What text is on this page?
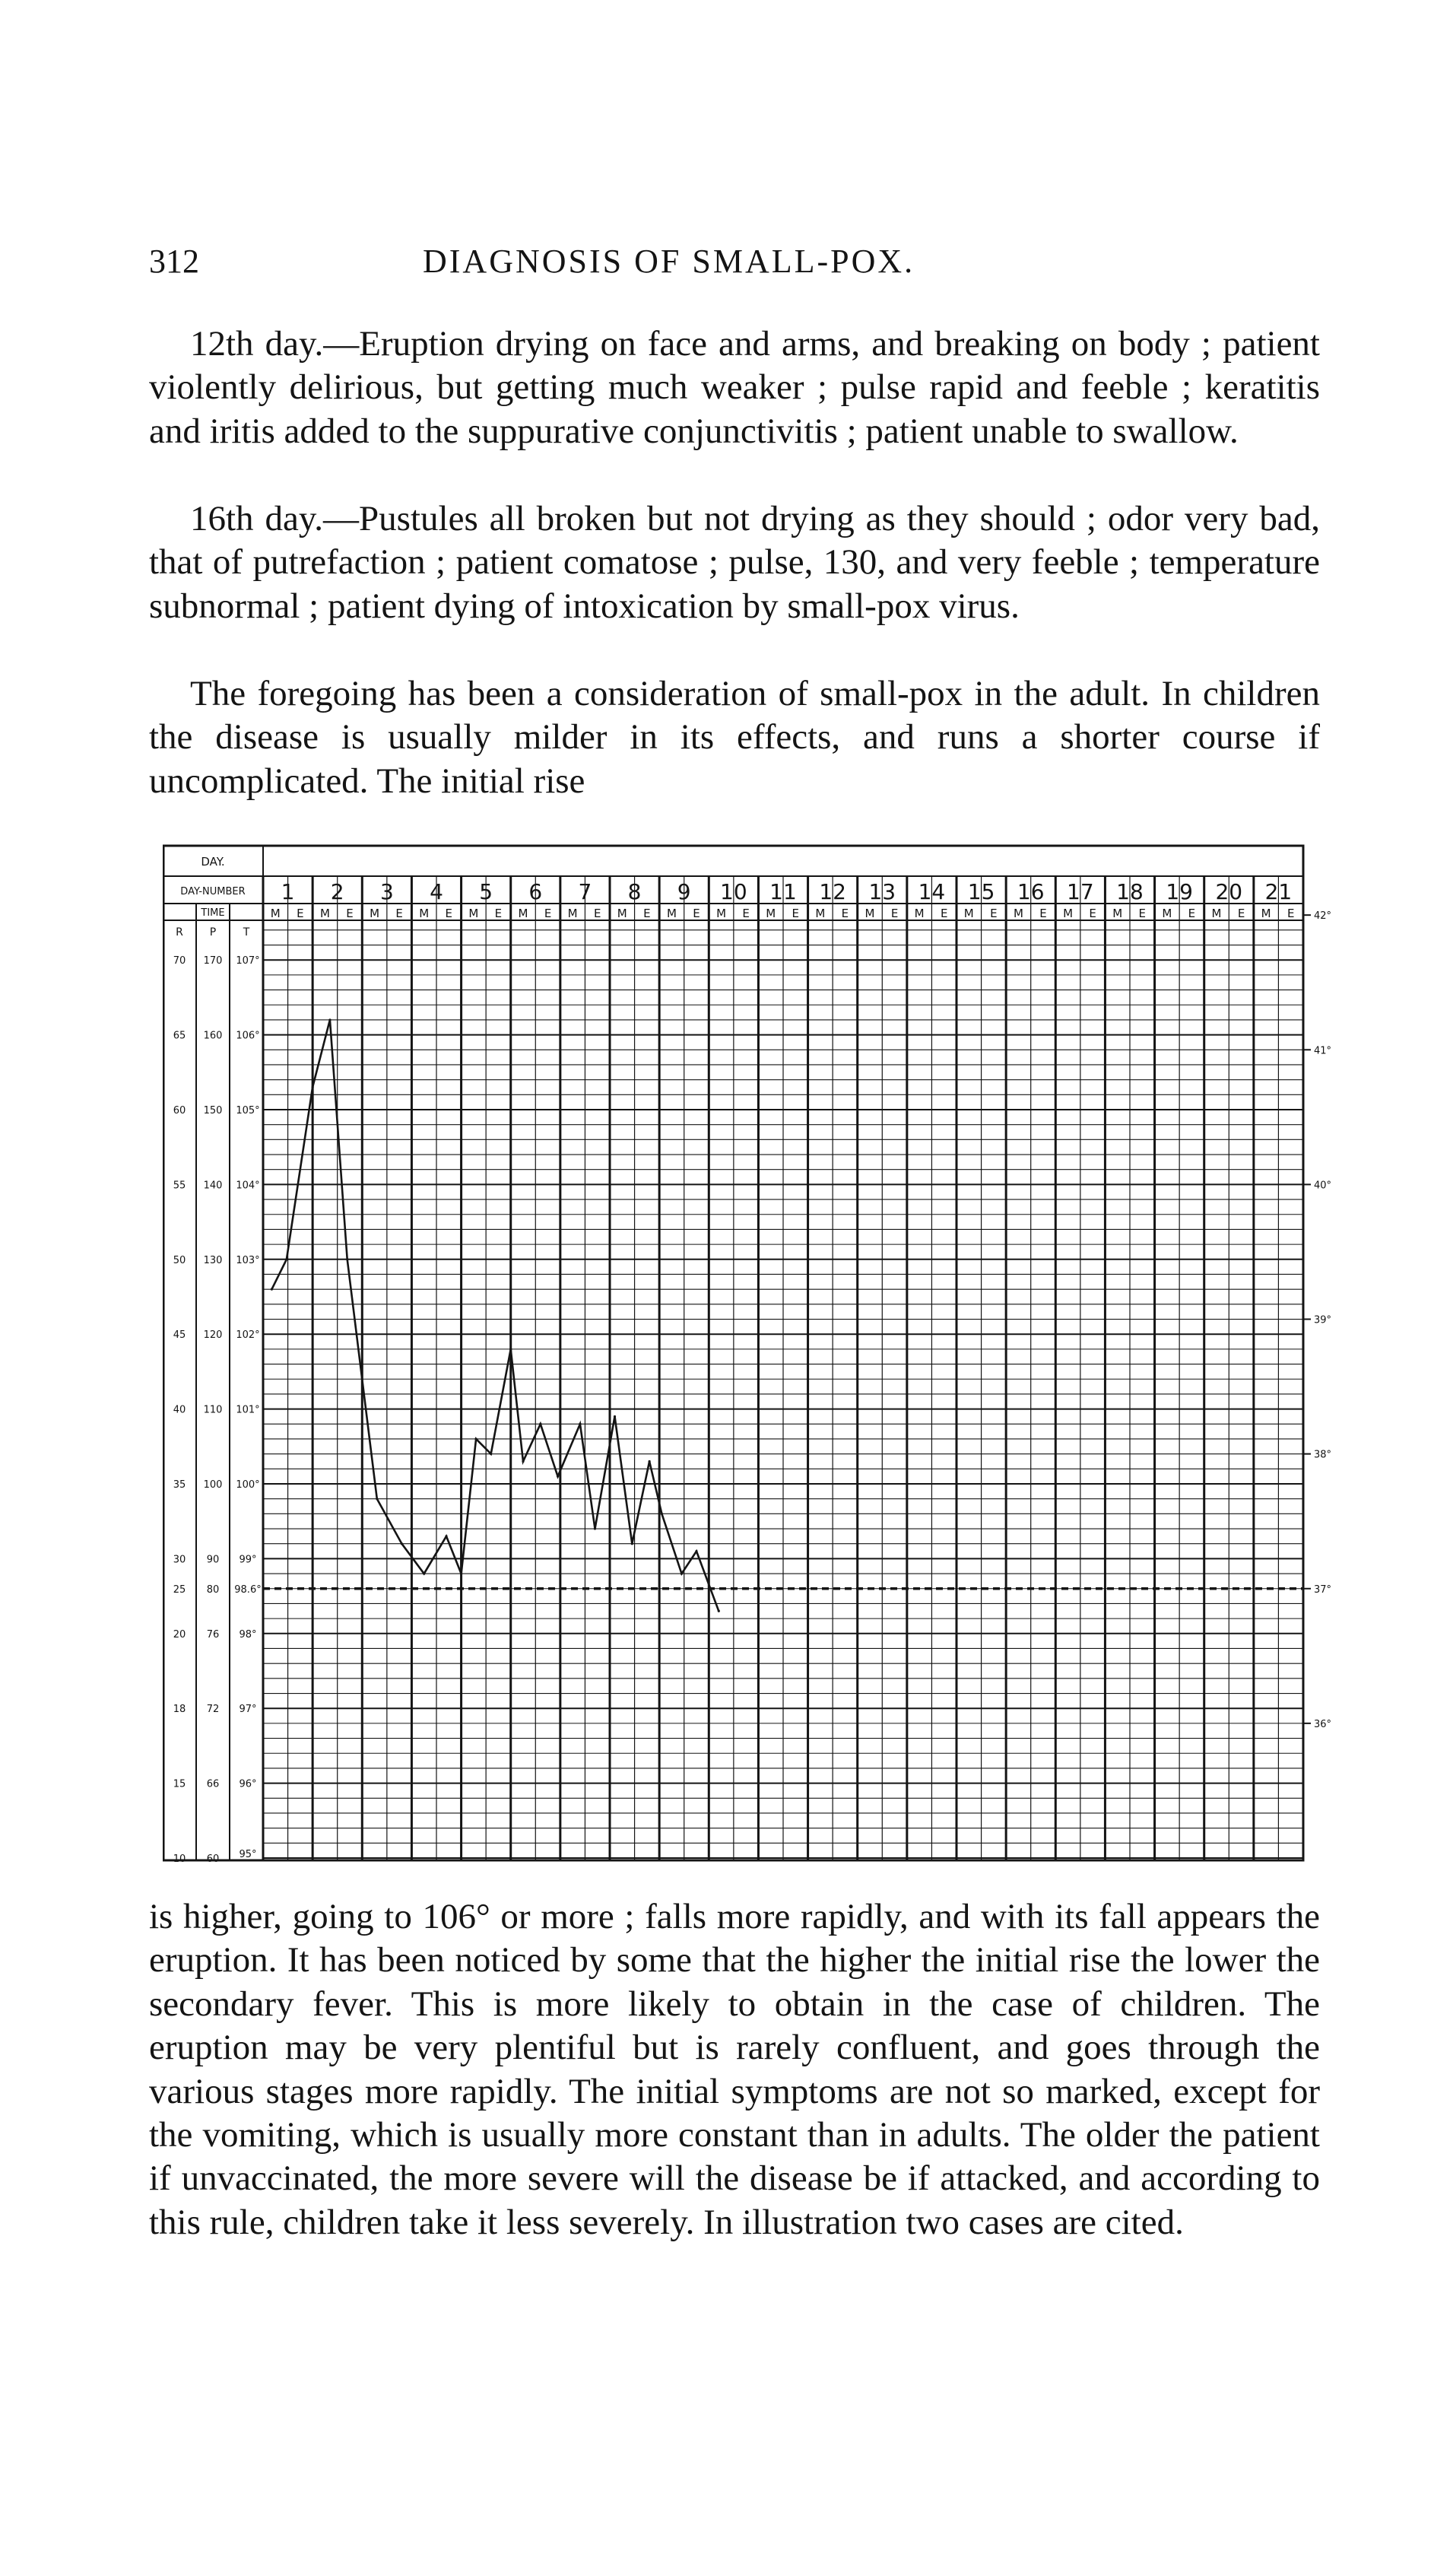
312	DIAGNOSIS OF SMALL-POX.

12th day.—Eruption drying on face and arms, and breaking on body ; patient violently delirious, but getting much weaker ; pulse rapid and feeble ; keratitis and iritis added to the suppurative conjunctivitis ; patient unable to swallow.

16th day.—Pustules all broken but not drying as they should ; odor very bad, that of putrefaction ; patient comatose ; pulse, 130, and very feeble ; temperature subnormal ; patient dying of intoxication by small-pox virus.

The foregoing has been a consideration of small-pox in the adult. In children the disease is usually milder in its effects, and runs a shorter course if uncomplicated. The initial rise

DAY.
DAY-NUMBER
TIME
1
M E
2
M E
3
M E
4
M E
5
M E
6
M E
7
M E
8
M E
9
M E
10
M E
11
M E
12
M E
13
M E
14
M E
15
M E
16
M E
17
M E
18
M E
19
M E
20
M E
21
M E
R P	T
107°
106°
105°
104°
103°
102°
101°
100°
99°
98.6°
98°
97°
96°
95°
170
160
150
140
130
120
110
100
90
80
76
72
66
60
70
65
60
55
50
45
40
35
30
25
20
18
15
10
42°
41°
40°
39°
38°
37°
36°

is higher, going to 106° or more ; falls more rapidly, and with its fall appears the eruption. It has been noticed by some that the higher the initial rise the lower the secondary fever. This is more likely to obtain in the case of children. The eruption may be very plentiful but is rarely confluent, and goes through the various stages more rapidly. The initial symptoms are not so marked, except for the vomiting, which is usually more constant than in adults. The older the patient if unvaccinated, the more severe will the disease be if attacked, and according to this rule, children take it less severely. In illustration two cases are cited.
